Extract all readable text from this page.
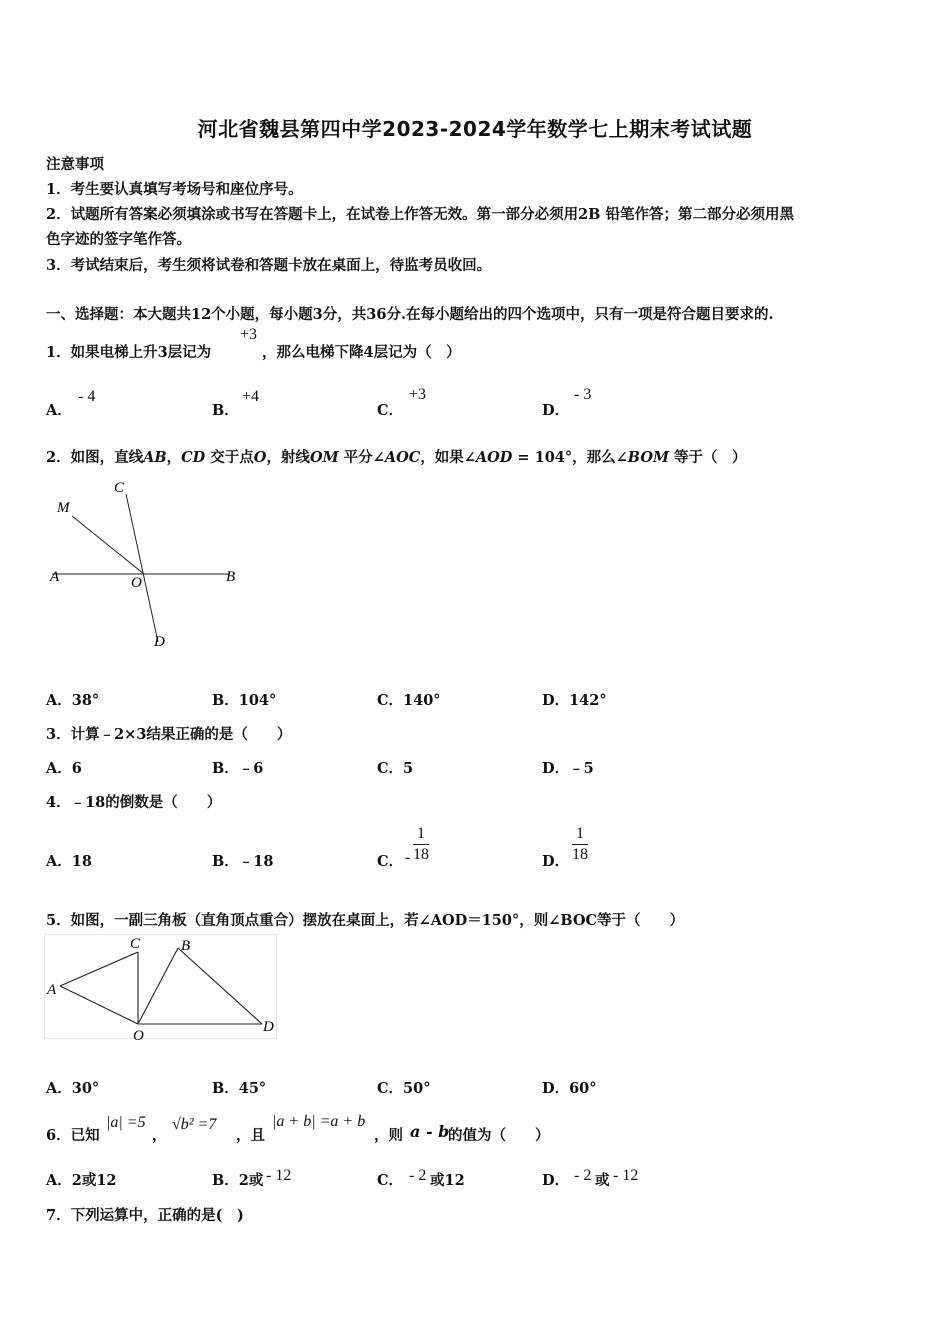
河北省魏县第四中学2023-2024学年数学七上期末考试试题
注意事项
1．考生要认真填写考场号和座位序号。
2．试题所有答案必须填涂或书写在答题卡上，在试卷上作答无效。第一部分必须用2B 铅笔作答；第二部分必须用黑
色字迹的签字笔作答。
3．考试结束后，考生须将试卷和答题卡放在桌面上，待监考员收回。
一、选择题：本大题共12个小题，每小题3分，共36分.在每小题给出的四个选项中，只有一项是符合题目要求的.
1．如果电梯上升3层记为
+3
，那么电梯下降4层记为（　）
A．
- 4
B．
+4
C．
+3
D．
- 3
2．如图，直线AB，CD 交于点O，射线OM 平分∠AOC，如果∠AOD = 104°，那么∠BOM 等于（　）
M
C
A	O	B
D
A．38°	B．104°	C．140°	D．142°
3．计算﹣2×3结果正确的是（　　）
A．6	B．﹣6	C．5	D．﹣5
4．﹣18的倒数是（　　）
A．18	B．﹣18	C． - $\frac{1}{18}$	D． $\frac{1}{18}$
5．如图，一副三角板（直角顶点重合）摆放在桌面上，若∠AOD＝150°，则∠BOC等于（　　）
A
C	B
O
D
A．30°	B．45°	C．50°	D．60°
6．已知
|a| =5
，
√b² =7
，且
|a + b| =a + b
，则 a - b
的值为（　　）
A．2或12	B．2或 - 12	C． - 2 或12	D． - 2 或 - 12
7．下列运算中，正确的是(　)
